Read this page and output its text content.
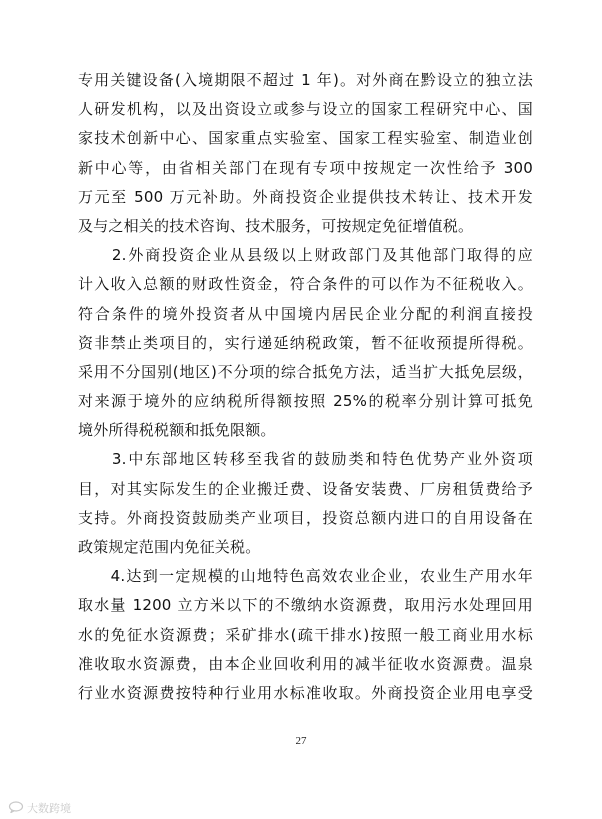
专用关键设备(入境期限不超过 1 年)。对外商在黔设立的独立法
人研发机构，以及出资设立或参与设立的国家工程研究中心、国
家技术创新中心、国家重点实验室、国家工程实验室、制造业创
新中心等，由省相关部门在现有专项中按规定一次性给予 300
万元至 500 万元补助。外商投资企业提供技术转让、技术开发
及与之相关的技术咨询、技术服务，可按规定免征增值税。
　　2.外商投资企业从县级以上财政部门及其他部门取得的应
计入收入总额的财政性资金，符合条件的可以作为不征税收入。
符合条件的境外投资者从中国境内居民企业分配的利润直接投
资非禁止类项目的，实行递延纳税政策，暂不征收预提所得税。
采用不分国别(地区)不分项的综合抵免方法，适当扩大抵免层级，
对来源于境外的应纳税所得额按照 25%的税率分别计算可抵免
境外所得税税额和抵免限额。
　　3.中东部地区转移至我省的鼓励类和特色优势产业外资项
目，对其实际发生的企业搬迁费、设备安装费、厂房租赁费给予
支持。外商投资鼓励类产业项目，投资总额内进口的自用设备在
政策规定范围内免征关税。
　　4.达到一定规模的山地特色高效农业企业，农业生产用水年
取水量 1200 立方米以下的不缴纳水资源费，取用污水处理回用
水的免征水资源费；采矿排水(疏干排水)按照一般工商业用水标
准收取水资源费，由本企业回收利用的减半征收水资源费。温泉
行业水资源费按特种行业用水标准收取。外商投资企业用电享受
27
大数跨境
